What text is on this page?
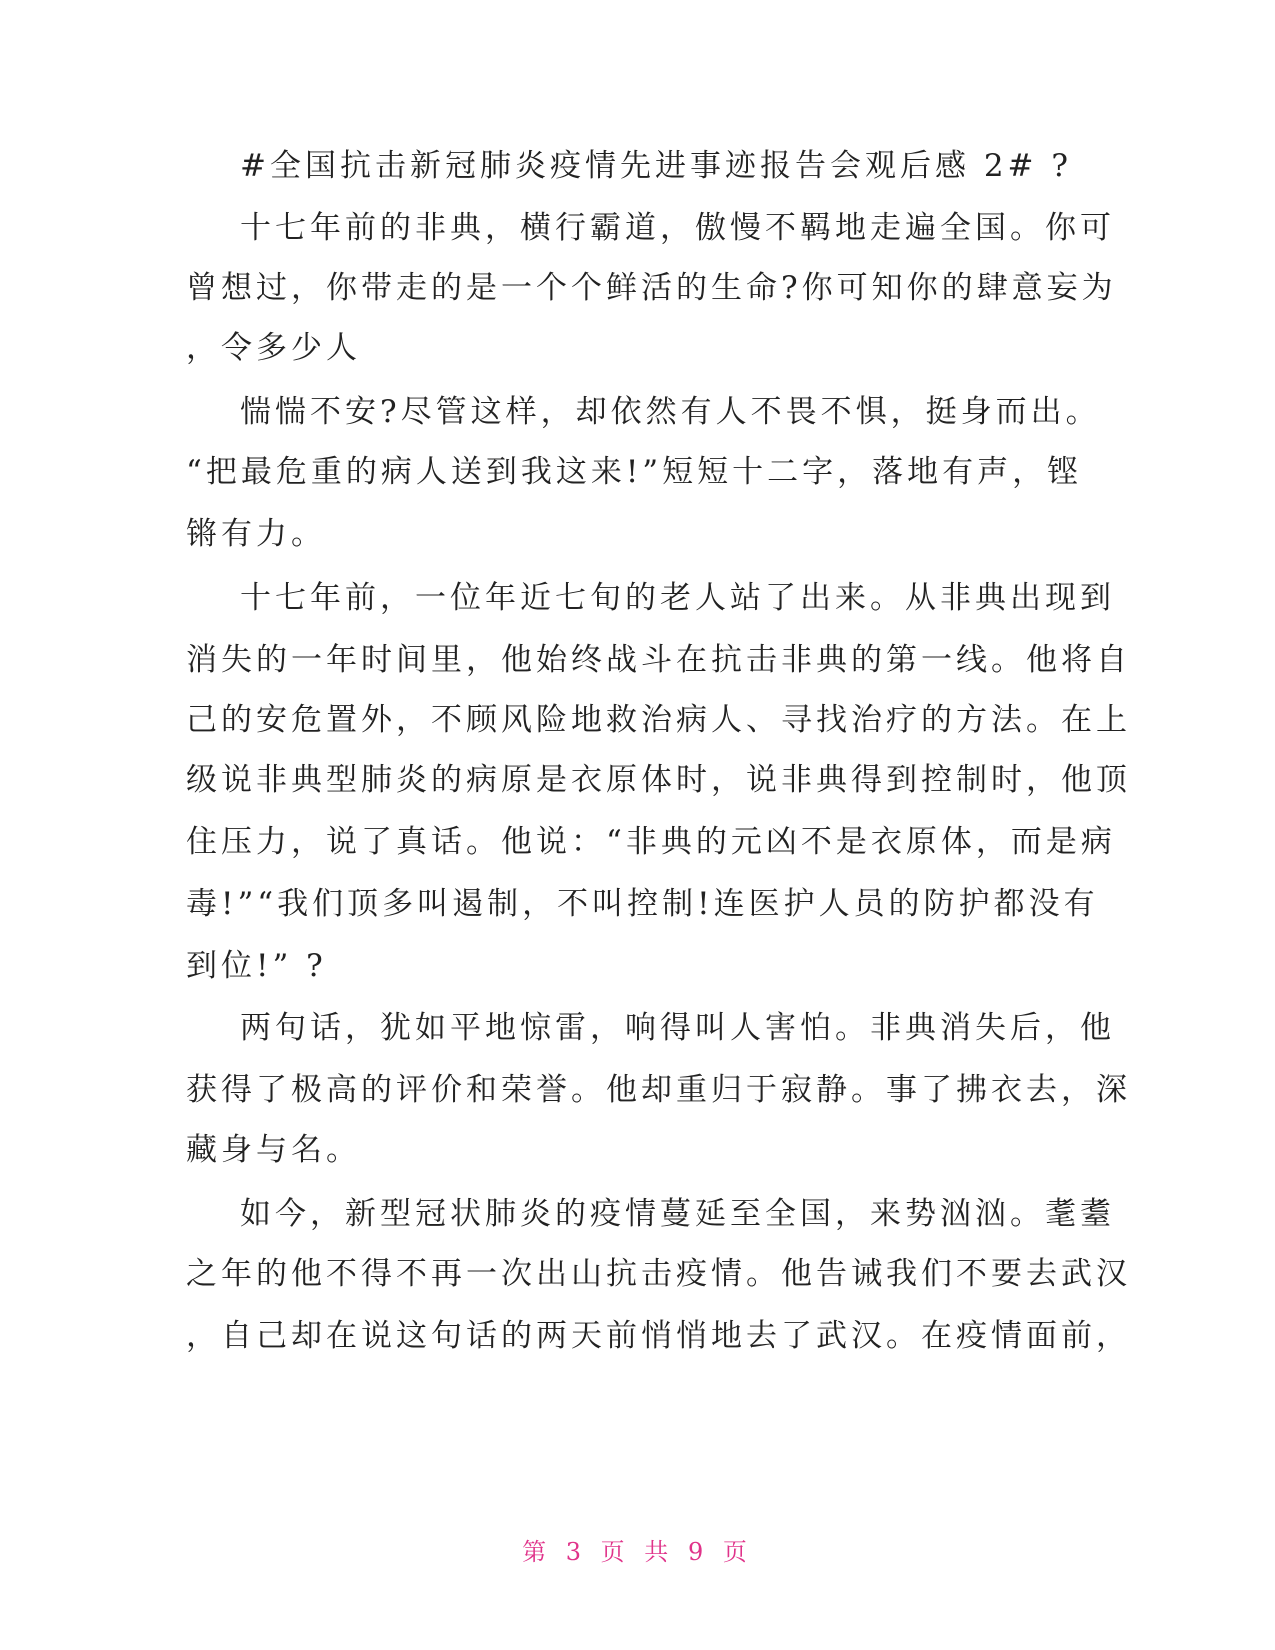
#全国抗击新冠肺炎疫情先进事迹报告会观后感 2# ?
十七年前的非典，横行霸道，傲慢不羁地走遍全国。你可
曾想过，你带走的是一个个鲜活的生命?你可知你的肆意妄为
，令多少人
惴惴不安?尽管这样，却依然有人不畏不惧，挺身而出。
“把最危重的病人送到我这来!”短短十二字，落地有声，铿
锵有力。
十七年前，一位年近七旬的老人站了出来。从非典出现到
消失的一年时间里，他始终战斗在抗击非典的第一线。他将自
己的安危置外，不顾风险地救治病人、寻找治疗的方法。在上
级说非典型肺炎的病原是衣原体时，说非典得到控制时，他顶
住压力，说了真话。他说：“非典的元凶不是衣原体，而是病
毒!”“我们顶多叫遏制，不叫控制!连医护人员的防护都没有
到位!” ?
两句话，犹如平地惊雷，响得叫人害怕。非典消失后，他
获得了极高的评价和荣誉。他却重归于寂静。事了拂衣去，深
藏身与名。
如今，新型冠状肺炎的疫情蔓延至全国，来势汹汹。耄耋
之年的他不得不再一次出山抗击疫情。他告诫我们不要去武汉
，自己却在说这句话的两天前悄悄地去了武汉。在疫情面前，
第 3 页 共 9 页
